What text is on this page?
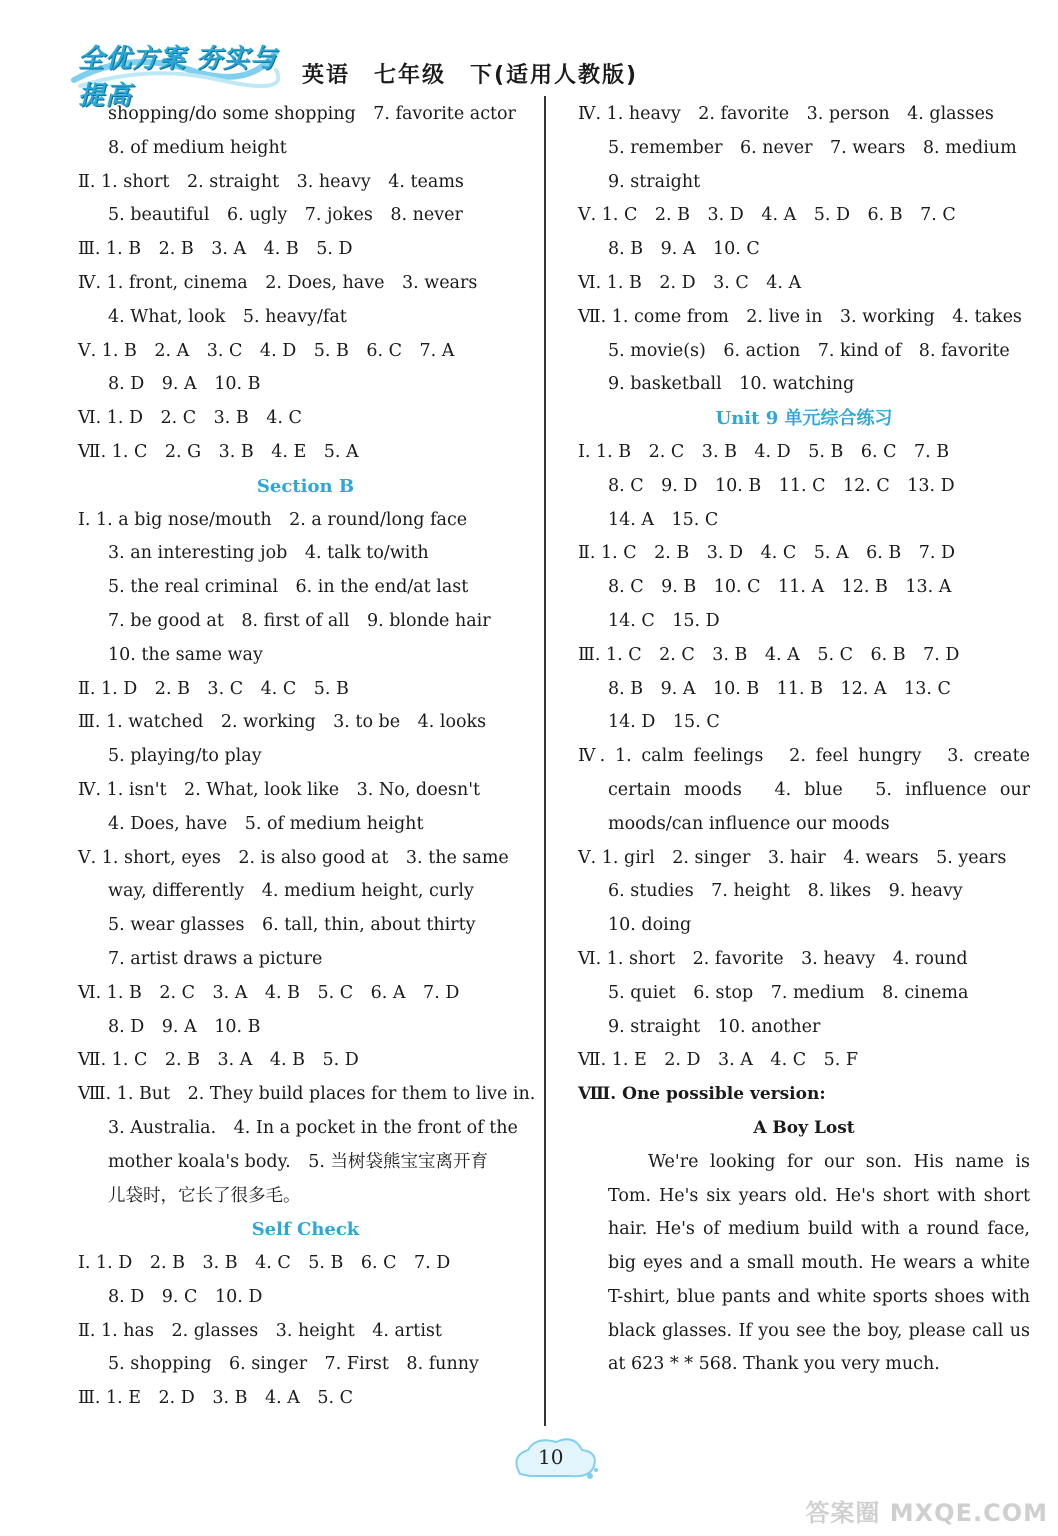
全优方案 夯实与提高
英语　七年级　下(适用人教版)
shopping/do some shopping　7. favorite actor
8. of medium height
Ⅱ. 1. short　2. straight　3. heavy　4. teams
5. beautiful　6. ugly　7. jokes　8. never
Ⅲ. 1. B　2. B　3. A　4. B　5. D
Ⅳ. 1. front, cinema　2. Does, have　3. wears
4. What, look　5. heavy/fat
Ⅴ. 1. B　2. A　3. C　4. D　5. B　6. C　7. A
8. D　9. A　10. B
Ⅵ. 1. D　2. C　3. B　4. C
Ⅶ. 1. C　2. G　3. B　4. E　5. A
Section B
Ⅰ. 1. a big nose/mouth　2. a round/long face
3. an interesting job　4. talk to/with
5. the real criminal　6. in the end/at last
7. be good at　8. first of all　9. blonde hair
10. the same way
Ⅱ. 1. D　2. B　3. C　4. C　5. B
Ⅲ. 1. watched　2. working　3. to be　4. looks
5. playing/to play
Ⅳ. 1. isn't　2. What, look like　3. No, doesn't
4. Does, have　5. of medium height
Ⅴ. 1. short, eyes　2. is also good at　3. the same
way, differently　4. medium height, curly
5. wear glasses　6. tall, thin, about thirty
7. artist draws a picture
Ⅵ. 1. B　2. C　3. A　4. B　5. C　6. A　7. D
8. D　9. A　10. B
Ⅶ. 1. C　2. B　3. A　4. B　5. D
Ⅷ. 1. But　2. They build places for them to live in.
3. Australia.　4. In a pocket in the front of the
mother koala's body.　5. 当树袋熊宝宝离开育
儿袋时，它长了很多毛。
Self Check
Ⅰ. 1. D　2. B　3. B　4. C　5. B　6. C　7. D
8. D　9. C　10. D
Ⅱ. 1. has　2. glasses　3. height　4. artist
5. shopping　6. singer　7. First　8. funny
Ⅲ. 1. E　2. D　3. B　4. A　5. C
Ⅳ. 1. heavy　2. favorite　3. person　4. glasses
5. remember　6. never　7. wears　8. medium
9. straight
Ⅴ. 1. C　2. B　3. D　4. A　5. D　6. B　7. C
8. B　9. A　10. C
Ⅵ. 1. B　2. D　3. C　4. A
Ⅶ. 1. come from　2. live in　3. working　4. takes
5. movie(s)　6. action　7. kind of　8. favorite
9. basketball　10. watching
Unit 9 单元综合练习
Ⅰ. 1. B　2. C　3. B　4. D　5. B　6. C　7. B
8. C　9. D　10. B　11. C　12. C　13. D
14. A　15. C
Ⅱ. 1. C　2. B　3. D　4. C　5. A　6. B　7. D
8. C　9. B　10. C　11. A　12. B　13. A
14. C　15. D
Ⅲ. 1. C　2. C　3. B　4. A　5. C　6. B　7. D
8. B　9. A　10. B　11. B　12. A　13. C
14. D　15. C
Ⅳ. 1. calm feelings　2. feel hungry　3. create
certain moods　4. blue　5. influence our
moods/can influence our moods
Ⅴ. 1. girl　2. singer　3. hair　4. wears　5. years
6. studies　7. height　8. likes　9. heavy
10. doing
Ⅵ. 1. short　2. favorite　3. heavy　4. round
5. quiet　6. stop　7. medium　8. cinema
9. straight　10. another
Ⅶ. 1. E　2. D　3. A　4. C　5. F
Ⅷ. One possible version:
A Boy Lost
We're looking for our son. His name is
Tom. He's six years old. He's short with short
hair. He's of medium build with a round face,
big eyes and a small mouth. He wears a white
T-shirt, blue pants and white sports shoes with
black glasses. If you see the boy, please call us
at 623 * * 568. Thank you very much.
10
答案圈 MXQE.COM
